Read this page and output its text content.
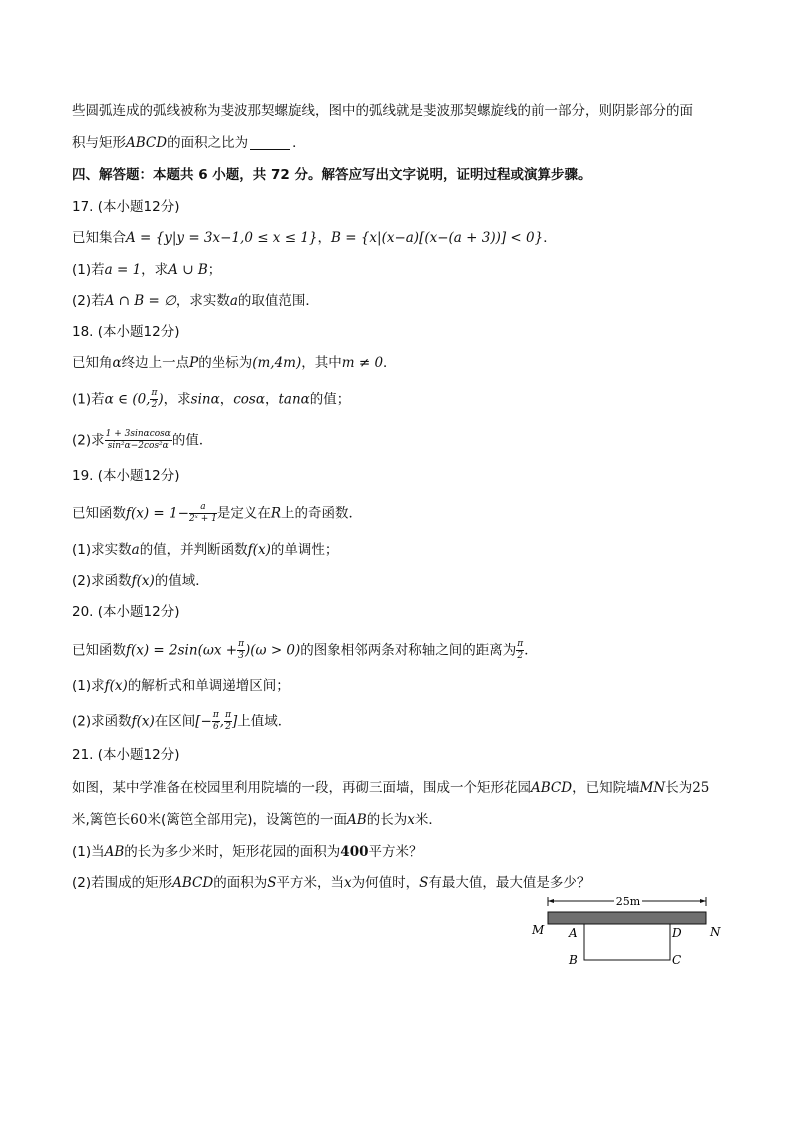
些圆弧连成的弧线被称为斐波那契螺旋线，图中的弧线就是斐波那契螺旋线的前一部分，则阴影部分的面
积与矩形ABCD的面积之比为	．
四、解答题：本题共 6 小题，共 72 分。解答应写出文字说明，证明过程或演算步骤。
17. (本小题12分)
已知集合A = {y|y = 3x−1,0 ≤ x ≤ 1}，B = {x|(x−a)[(x−(a + 3))] < 0}．
(1)若a = 1，求A ∪ B；
(2)若A ∩ B = ∅，求实数a的取值范围．
18. (本小题12分)
已知角α终边上一点P的坐标为(m,4m)，其中m ≠ 0．
(1)若α ∈ (0, $\frac{\pi}{2}$ )，求sinα，cosα，tanα的值；
(2)求 $\frac{1 + 3\sin\alpha\cos\alpha}{\text{sin²α−2cos²α}}$ 的值．
19. (本小题12分)
已知函数$f(x) = 1- \frac{a}{\text{2ˣ + 1}}$ 是定义在R上的奇函数．
(1)求实数a的值，并判断函数f(x)的单调性；
(2)求函数f(x)的值域．
20. (本小题12分)
已知函数$f(x) = 2\sin(\omega x + \frac{\pi}{3} )(\omega > 0)$的图象相邻两条对称轴之间的距离为 $\frac{\pi}{2}$ ．
(1)求f(x)的解析式和单调递增区间；
(2)求函数f(x)在区间[− $\frac{\pi}{6}$ , $\frac{\pi}{2}$ ]上值域．
21. (本小题12分)
如图，某中学准备在校园里利用院墙的一段，再砌三面墙，围成一个矩形花园ABCD，已知院墙MN长为25
米,篱笆长60米(篱笆全部用完)，设篱笆的一面AB的长为x米．
(1)当AB的长为多少米时，矩形花园的面积为400平方米？
(2)若围成的矩形ABCD的面积为S平方米，当x为何值时，S有最大值，最大值是多少？
25m
M	N
A	D
B	C
